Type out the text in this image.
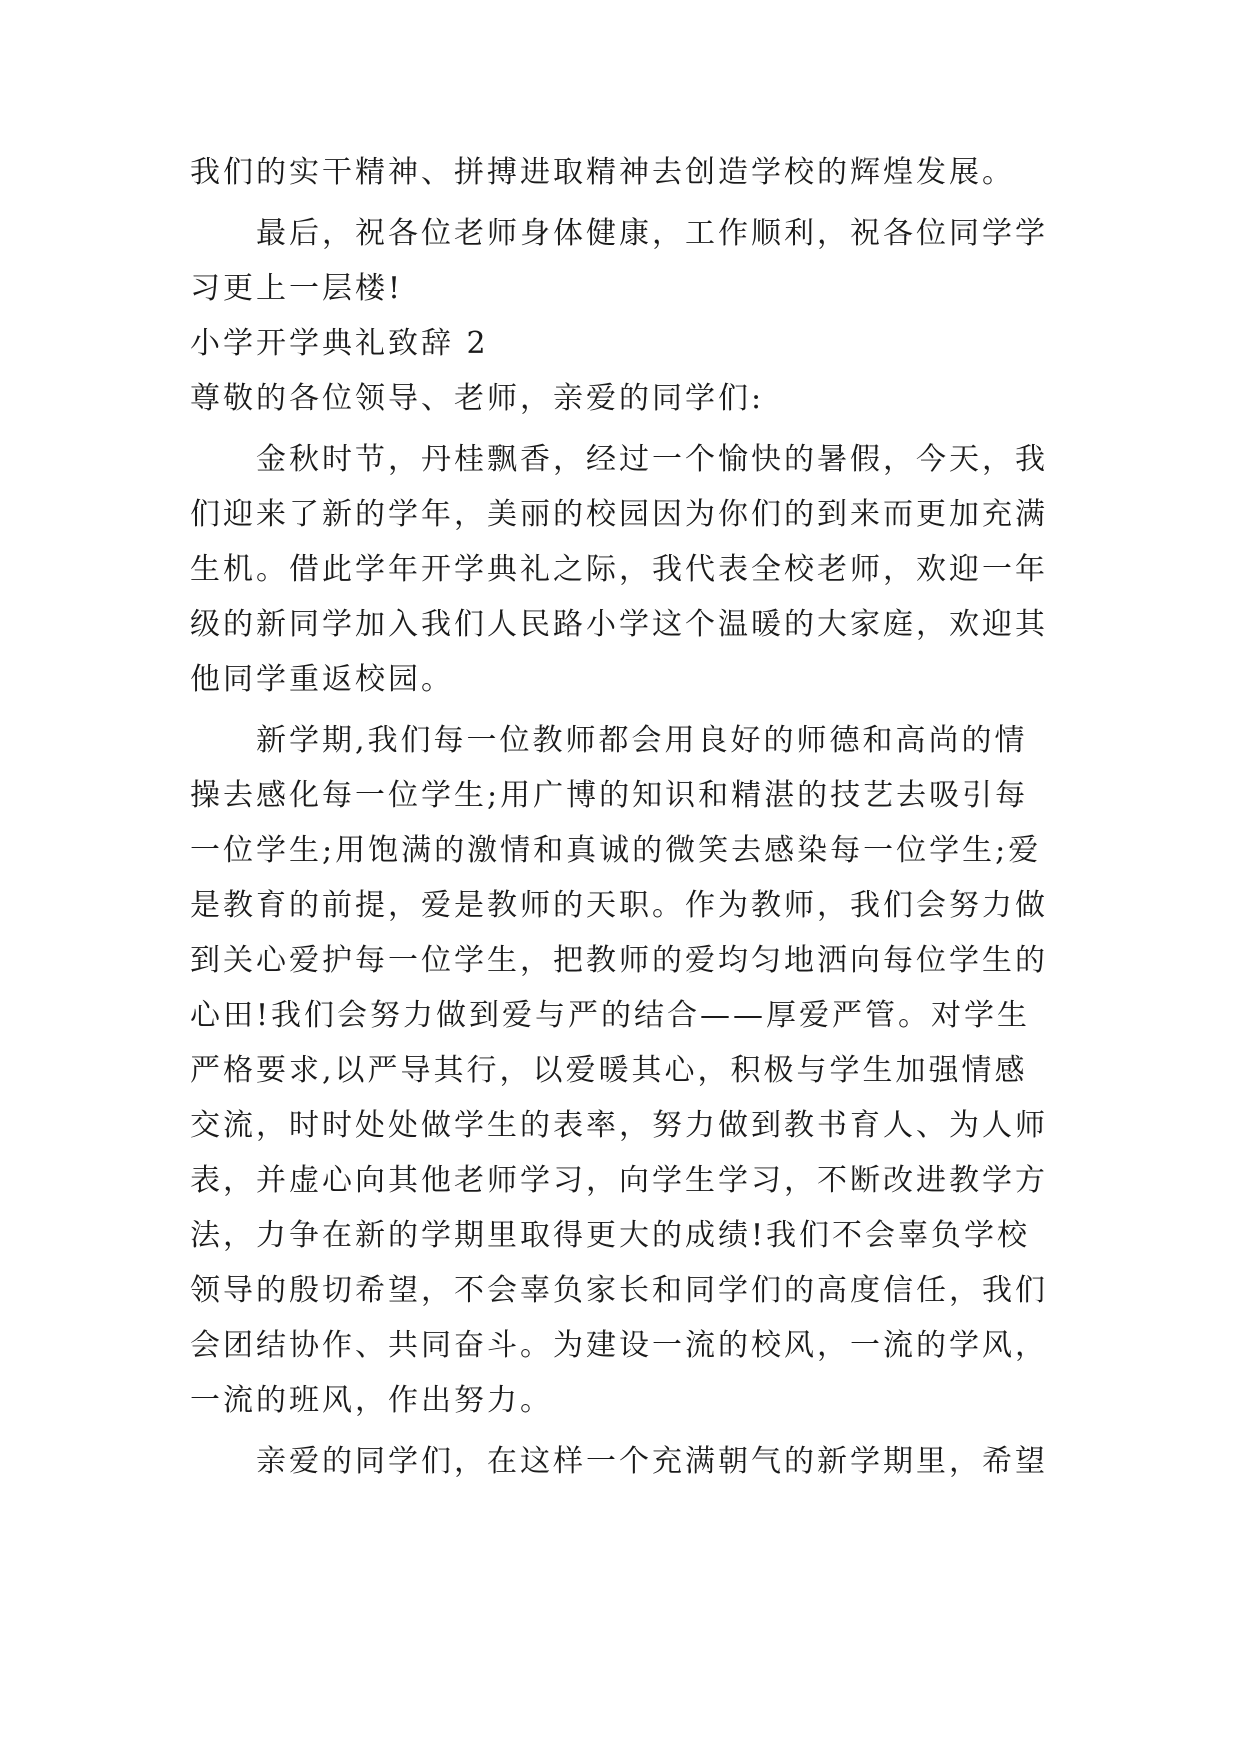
我们的实干精神、拼搏进取精神去创造学校的辉煌发展。
最后，祝各位老师身体健康，工作顺利，祝各位同学学
习更上一层楼!
小学开学典礼致辞 2
尊敬的各位领导、老师，亲爱的同学们:
金秋时节，丹桂飘香，经过一个愉快的暑假，今天，我
们迎来了新的学年，美丽的校园因为你们的到来而更加充满
生机。借此学年开学典礼之际，我代表全校老师，欢迎一年
级的新同学加入我们人民路小学这个温暖的大家庭，欢迎其
他同学重返校园。
新学期,我们每一位教师都会用良好的师德和高尚的情
操去感化每一位学生;用广博的知识和精湛的技艺去吸引每
一位学生;用饱满的激情和真诚的微笑去感染每一位学生;爱
是教育的前提，爱是教师的天职。作为教师，我们会努力做
到关心爱护每一位学生，把教师的爱均匀地洒向每位学生的
心田!我们会努力做到爱与严的结合——厚爱严管。对学生
严格要求,以严导其行，以爱暖其心，积极与学生加强情感
交流，时时处处做学生的表率，努力做到教书育人、为人师
表，并虚心向其他老师学习，向学生学习，不断改进教学方
法，力争在新的学期里取得更大的成绩!我们不会辜负学校
领导的殷切希望，不会辜负家长和同学们的高度信任，我们
会团结协作、共同奋斗。为建设一流的校风，一流的学风，
一流的班风，作出努力。
亲爱的同学们，在这样一个充满朝气的新学期里，希望
